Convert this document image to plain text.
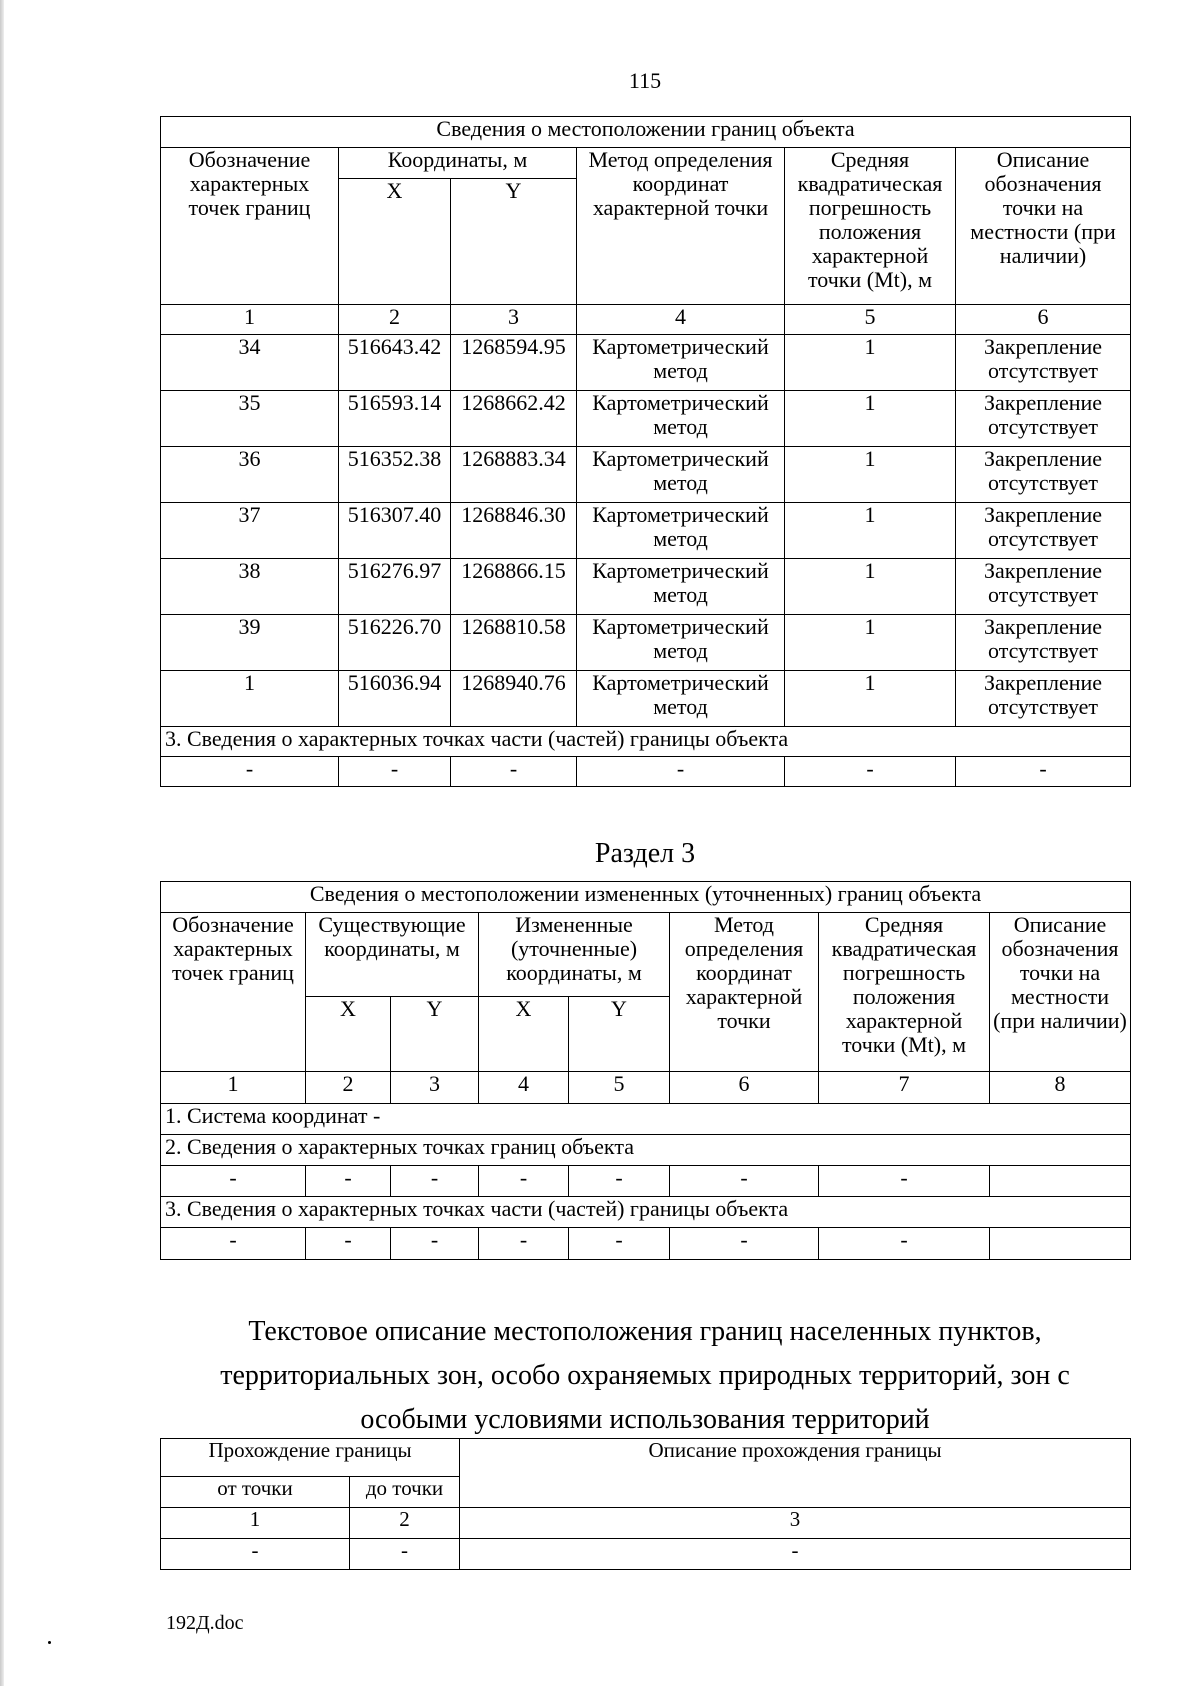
115
Сведения о местоположении границ объекта					
Обозначение характерных точек границ	Координаты, м		Метод определения координат характерной точки	Средняя квадратическая погрешность положения характерной точки (Мt), м	Описание обозначения точки на местности (при наличии)
	X	Y			
1	2	3	4	5	6
34	516643.42	1268594.95	Картометрический метод	1	Закрепление отсутствует
35	516593.14	1268662.42	Картометрический метод	1	Закрепление отсутствует
36	516352.38	1268883.34	Картометрический метод	1	Закрепление отсутствует
37	516307.40	1268846.30	Картометрический метод	1	Закрепление отсутствует
38	516276.97	1268866.15	Картометрический метод	1	Закрепление отсутствует
39	516226.70	1268810.58	Картометрический метод	1	Закрепление отсутствует
1	516036.94	1268940.76	Картометрический метод	1	Закрепление отсутствует
3. Сведения о характерных точках части (частей) границы объекта					
-	-	-	-	-	-
Раздел 3
Сведения о местоположении измененных (уточненных) границ объекта							
Обозначение характерных точек границ	Существующие координаты, м		Измененные (уточненные) координаты, м		Метод определения координат характерной точки	Средняя квадратическая погрешность положения характерной точки (Мt), м	Описание обозначения точки на местности (при наличии)
	X	Y	X	Y			
1	2	3	4	5	6	7	8
1. Система координат -							
2. Сведения о характерных точках границ объекта							
-	-	-	-	-	-	-	
3. Сведения о характерных точках части (частей) границы объекта							
-	-	-	-	-	-	-	
Текстовое описание местоположения границ населенных пунктов, территориальных зон, особо охраняемых природных территорий, зон с особыми условиями использования территорий
Прохождение границы		Описание прохождения границы
от точки	до точки	
1	2	3
-	-	-
192Д.doc
